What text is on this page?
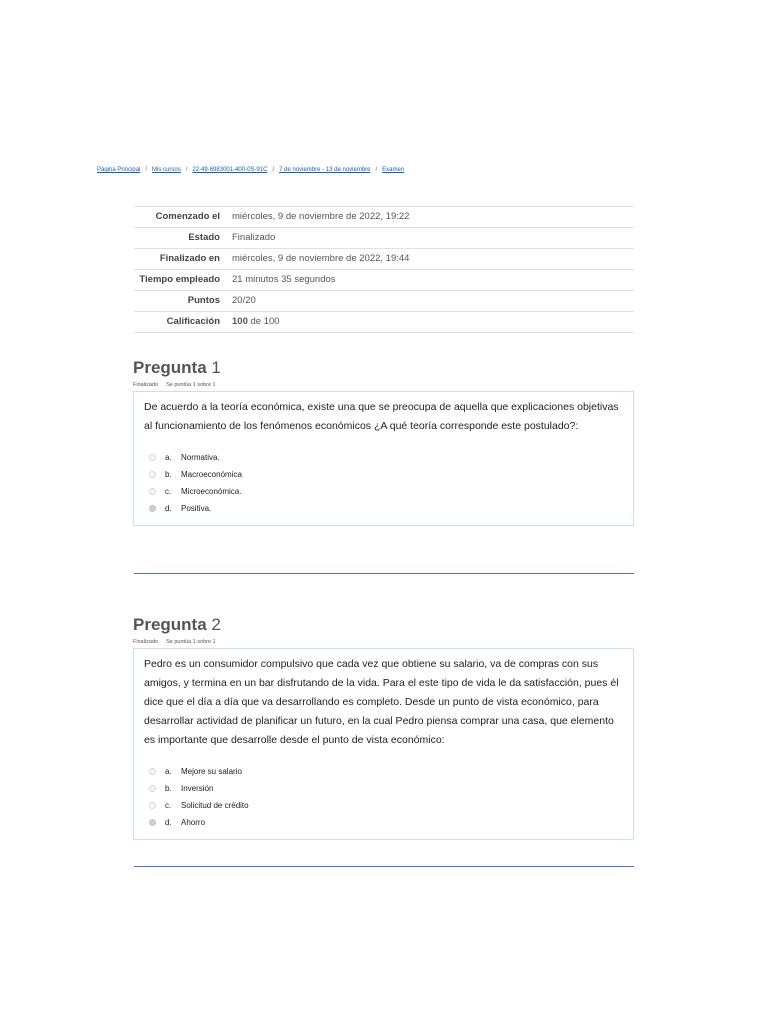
Página Principal / Mis cursos / 22-49-6983001-400-0S-91C / 7 de noviembre - 13 de noviembre / Examen
Comenzado el	miércoles, 9 de noviembre de 2022, 19:22
Estado	Finalizado
Finalizado en	miércoles, 9 de noviembre de 2022, 19:44
Tiempo empleado	21 minutos 35 segundos
Puntos	20/20
Calificación	100 de 100
Pregunta 1
Finalizado Se puntúa 1 sobre 1
De acuerdo a la teoría económica, existe una que se preocupa de aquella que explicaciones objetivas al funcionamiento de los fenómenos económicos ¿A qué teoría corresponde este postulado?:
a.	Normativa.
b.	Macroeconómica
c.	Microeconómica.
d.	Positiva.
Pregunta 2
Finalizado Se puntúa 1 sobre 1
Pedro es un consumidor compulsivo que cada vez que obtiene su salario, va de compras con sus amigos, y termina en un bar disfrutando de la vida. Para el este tipo de vida le da satisfacción, pues él dice que el día a día que va desarrollando es completo. Desde un punto de vista económico, para desarrollar actividad de planificar un futuro, en la cual Pedro piensa comprar una casa, que elemento es importante que desarrolle desde el punto de vista económico:
a.	Mejore su salario
b.	Inversión
c.	Solicitud de crédito
d.	Ahorro
